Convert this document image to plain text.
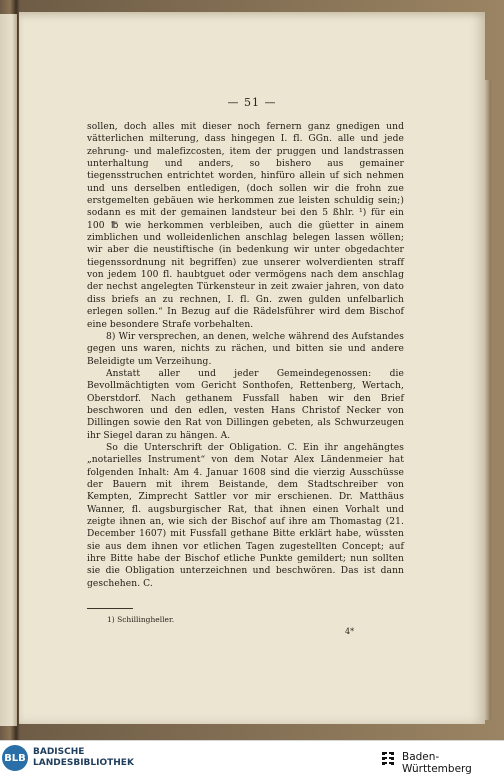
— 51 —

sollen, doch alles mit dieser noch fernern ganz gnedigen und vätterlichen milterung, dass hingegen I. fl. GGn. alle und jede zehrung- und malefizcosten, item der pruggen und landstrassen unterhaltung und anders, so bishero aus gemainer tiegensstruchen entrichtet worden, hinfüro allein uf sich nehmen und uns derselben entledigen, (doch sollen wir die frohn zue erstgemelten gebäuen wie herkommen zue leisten schuldig sein;) sodann es mit der gemainen landsteur bei den 5 ßhlr. ¹) für ein 100 ℔ wie herkommen verbleiben, auch die güetter in ainem zimblichen und wolleidenlichen anschlag belegen lassen wöllen; wir aber die neustiftische (in bedenkung wir unter obgedachter tiegenssordnung nit begriffen) zue unserer wolverdienten straff von jedem 100 fl. haubtguet oder vermögens nach dem anschlag der nechst angelegten Türkensteur in zeit zwaier jahren, von dato diss briefs an zu rechnen, I. fl. Gn. zwen gulden unfelbarlich erlegen sollen.“ In Bezug auf die Rädelsführer wird dem Bischof eine besondere Strafe vorbehalten.

8) Wir versprechen, an denen, welche während des Aufstandes gegen uns waren, nichts zu rächen, und bitten sie und andere Beleidigte um Verzeihung.

Anstatt aller und jeder Gemeindegenossen: die Bevollmächtigten vom Gericht Sonthofen, Rettenberg, Wertach, Oberstdorf. Nach gethanem Fussfall haben wir den Brief beschworen und den edlen, vesten Hans Christof Necker von Dillingen sowie den Rat von Dillingen gebeten, als Schwurzeugen ihr Siegel daran zu hängen. A.

So die Unterschrift der Obligation. C. Ein ihr angehängtes „notarielles Instrument“ von dem Notar Alex Ländenmeier hat folgenden Inhalt: Am 4. Januar 1608 sind die vierzig Ausschüsse der Bauern mit ihrem Beistande, dem Stadtschreiber von Kempten, Zimprecht Sattler vor mir erschienen. Dr. Matthäus Wanner, fl. augsburgischer Rat, that ihnen einen Vorhalt und zeigte ihnen an, wie sich der Bischof auf ihre am Thomastag (21. December 1607) mit Fussfall gethane Bitte erklärt habe, wüssten sie aus dem ihnen vor etlichen Tagen zugestellten Concept; auf ihre Bitte habe der Bischof etliche Punkte gemildert; nun sollten sie die Obligation unterzeichnen und beschwören. Das ist dann geschehen. C.

1) Schillingheller.
4*
BLB
BADISCHE
LANDESBIBLIOTHEK	Baden-Württemberg
